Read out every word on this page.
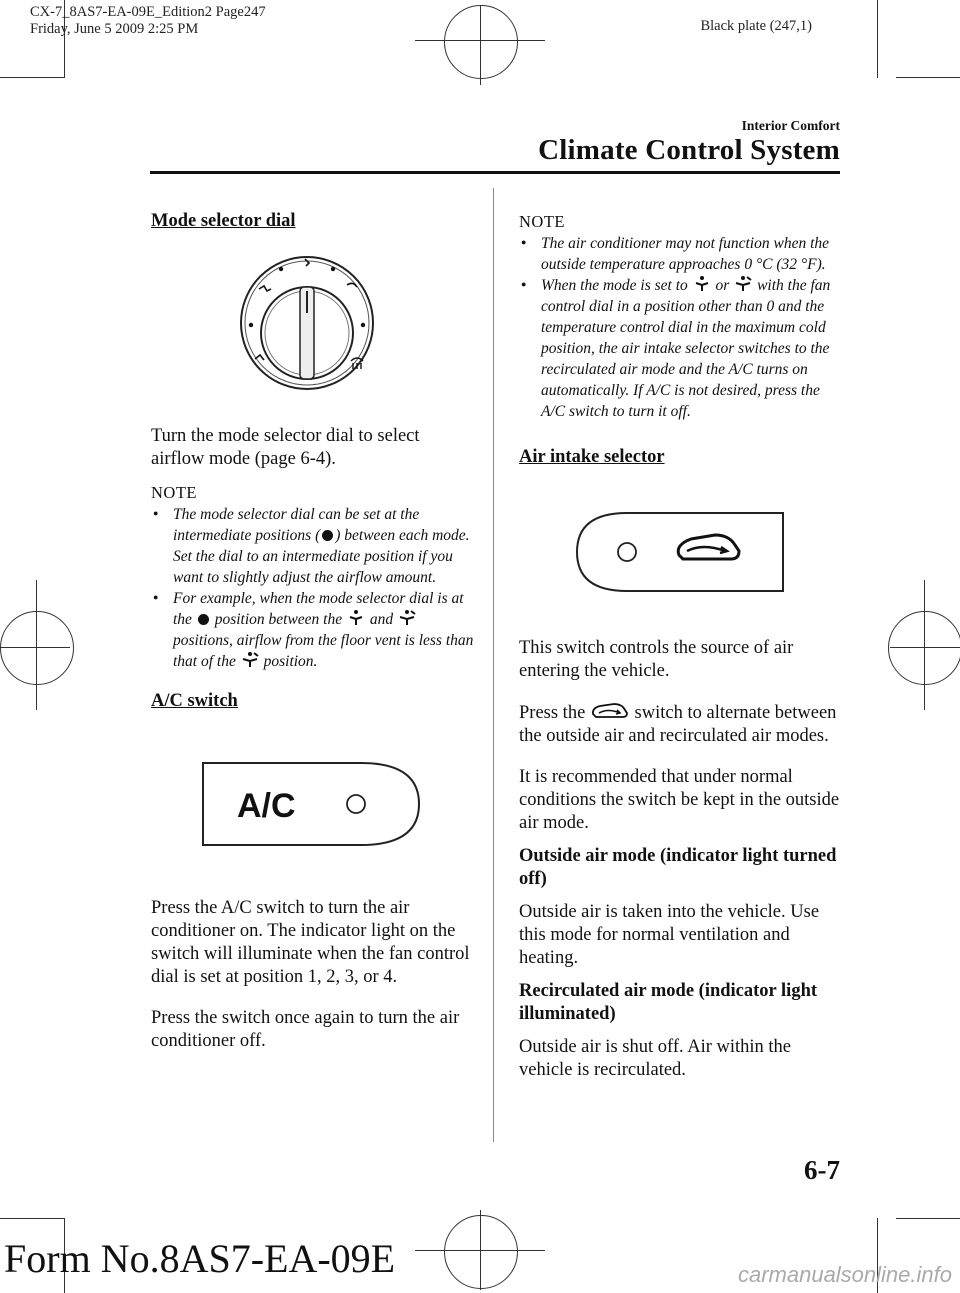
CX-7_8AS7-EA-09E_Edition2 Page247
Friday, June 5 2009 2:25 PM	Black plate (247,1)
Interior Comfort
Climate Control System
Mode selector dial

Turn the mode selector dial to select airflow mode (page 6-4).

NOTE
● The mode selector dial can be set at the intermediate positions ( ) between each mode. Set the dial to an intermediate position if you want to slightly adjust the airflow amount.
● For example, when the mode selector dial is at the position between the and  positions, airflow from the floor vent is less than that of the position.
A/C switch
A/C

Press the A/C switch to turn the air conditioner on. The indicator light on the switch will illuminate when the fan control dial is set at position 1, 2, 3, or 4.

Press the switch once again to turn the air conditioner off.

NOTE
● The air conditioner may not function when the outside temperature approaches 0 °C (32 °F).
● When the mode is set to or with the fan control dial in a position other than 0 and the temperature control dial in the maximum cold position, the air intake selector switches to the recirculated air mode and the A/C turns on automatically. If A/C is not desired, press the A/C switch to turn it off.
Air intake selector

This switch controls the source of air entering the vehicle.

Press the	switch to alternate between the outside air and recirculated air modes.

It is recommended that under normal conditions the switch be kept in the outside air mode.

Outside air mode (indicator light turned off)

Outside air is taken into the vehicle. Use this mode for normal ventilation and heating.

Recirculated air mode (indicator light illuminated)

Outside air is shut off. Air within the vehicle is recirculated.

6-7
Form No.8AS7-EA-09E	carmanualsonline.info
